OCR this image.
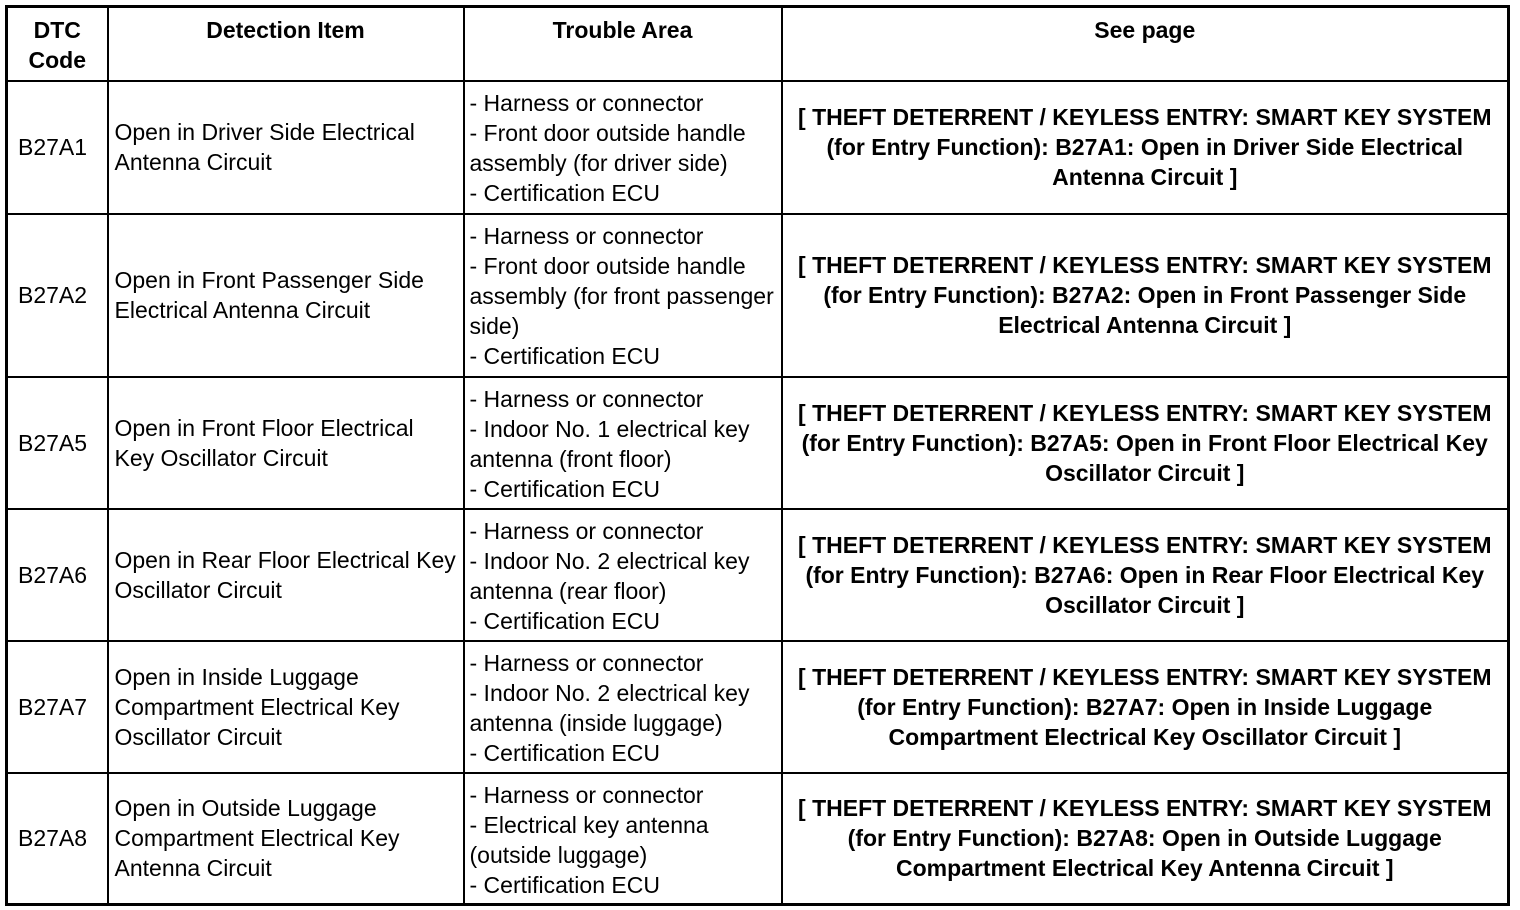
DTC Code	Detection Item	Trouble Area	See page
B27A1	Open in Driver Side Electrical Antenna Circuit	- Harness or connector
- Front door outside handle assembly (for driver side)
- Certification ECU	[ THEFT DETERRENT / KEYLESS ENTRY: SMART KEY SYSTEM (for Entry Function): B27A1: Open in Driver Side Electrical Antenna Circuit ]
B27A2	Open in Front Passenger Side Electrical Antenna Circuit	- Harness or connector
- Front door outside handle assembly (for front passenger side)
- Certification ECU	[ THEFT DETERRENT / KEYLESS ENTRY: SMART KEY SYSTEM (for Entry Function): B27A2: Open in Front Passenger Side Electrical Antenna Circuit ]
B27A5	Open in Front Floor Electrical Key Oscillator Circuit	- Harness or connector
- Indoor No. 1 electrical key antenna (front floor)
- Certification ECU	[ THEFT DETERRENT / KEYLESS ENTRY: SMART KEY SYSTEM (for Entry Function): B27A5: Open in Front Floor Electrical Key Oscillator Circuit ]
B27A6	Open in Rear Floor Electrical Key Oscillator Circuit	- Harness or connector
- Indoor No. 2 electrical key antenna (rear floor)
- Certification ECU	[ THEFT DETERRENT / KEYLESS ENTRY: SMART KEY SYSTEM (for Entry Function): B27A6: Open in Rear Floor Electrical Key Oscillator Circuit ]
B27A7	Open in Inside Luggage Compartment Electrical Key Oscillator Circuit	- Harness or connector
- Indoor No. 2 electrical key antenna (inside luggage)
- Certification ECU	[ THEFT DETERRENT / KEYLESS ENTRY: SMART KEY SYSTEM (for Entry Function): B27A7: Open in Inside Luggage Compartment Electrical Key Oscillator Circuit ]
B27A8	Open in Outside Luggage Compartment Electrical Key Antenna Circuit	- Harness or connector
- Electrical key antenna (outside luggage)
- Certification ECU	[ THEFT DETERRENT / KEYLESS ENTRY: SMART KEY SYSTEM (for Entry Function): B27A8: Open in Outside Luggage Compartment Electrical Key Antenna Circuit ]
